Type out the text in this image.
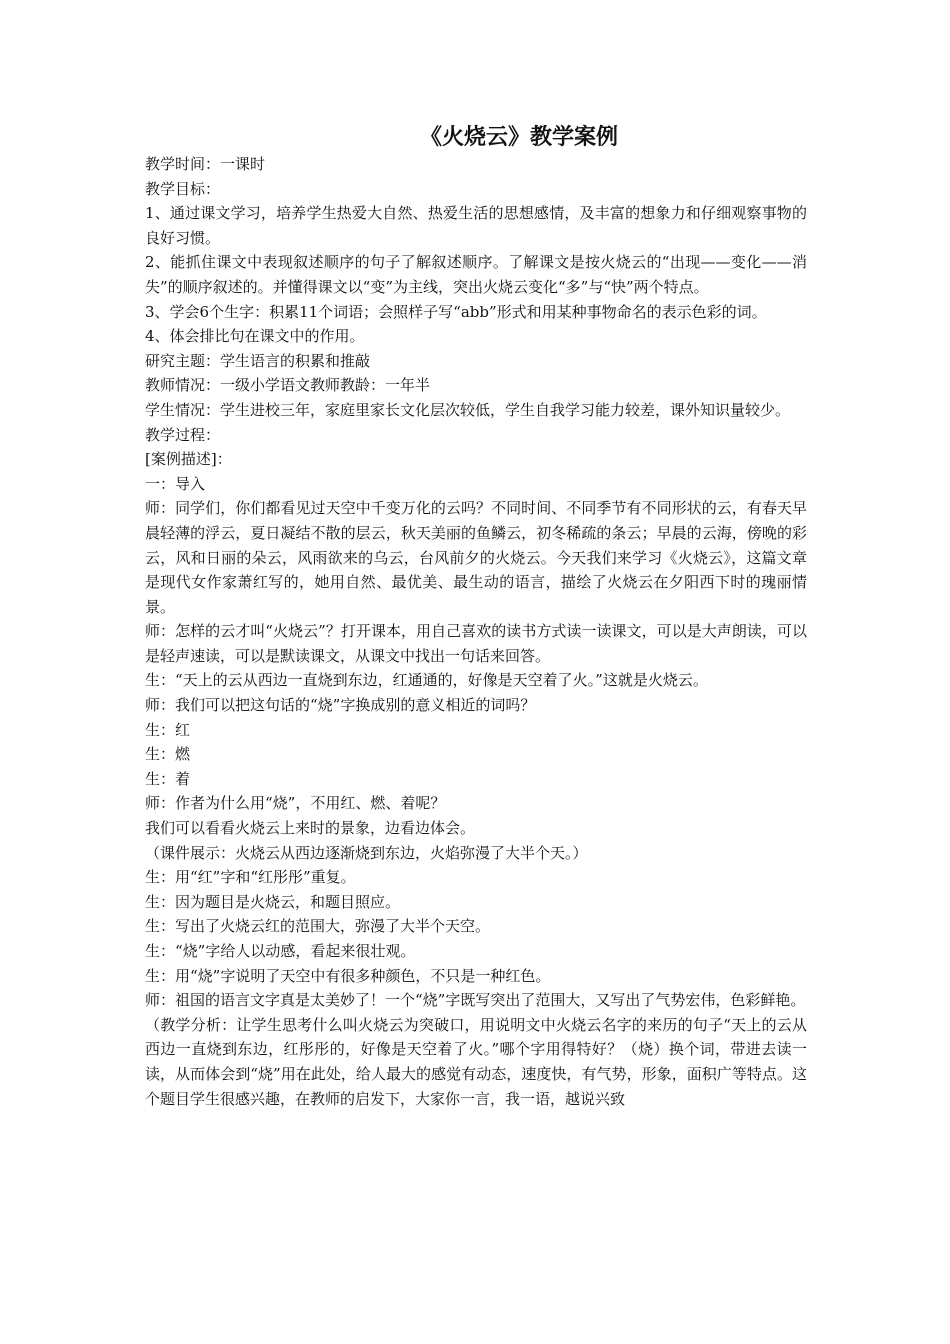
《火烧云》教学案例

教学时间：一课时

教学目标：

1、通过课文学习，培养学生热爱大自然、热爱生活的思想感情，及丰富的想象力和仔细观察事物的良好习惯。

2、能抓住课文中表现叙述顺序的句子了解叙述顺序。了解课文是按火烧云的“出现——变化——消失”的顺序叙述的。并懂得课文以“变”为主线，突出火烧云变化“多”与“快”两个特点。

3、学会6个生字：积累11个词语；会照样子写“abb”形式和用某种事物命名的表示色彩的词。

4、体会排比句在课文中的作用。

研究主题：学生语言的积累和推敲

教师情况：一级小学语文教师教龄：一年半

学生情况：学生进校三年，家庭里家长文化层次较低，学生自我学习能力较差，课外知识量较少。

教学过程：

[案例描述]：

一：导入

师：同学们，你们都看见过天空中千变万化的云吗？不同时间、不同季节有不同形状的云，有春天早晨轻薄的浮云，夏日凝结不散的层云，秋天美丽的鱼鳞云，初冬稀疏的条云；早晨的云海，傍晚的彩云，风和日丽的朵云，风雨欲来的乌云，台风前夕的火烧云。今天我们来学习《火烧云》，这篇文章是现代女作家萧红写的，她用自然、最优美、最生动的语言，描绘了火烧云在夕阳西下时的瑰丽情景。

师：怎样的云才叫“火烧云”？打开课本，用自己喜欢的读书方式读一读课文，可以是大声朗读，可以是轻声速读，可以是默读课文，从课文中找出一句话来回答。

生：“天上的云从西边一直烧到东边，红通通的，好像是天空着了火。”这就是火烧云。

师：我们可以把这句话的“烧”字换成别的意义相近的词吗？

生：红

生：燃

生：着

师：作者为什么用“烧”，不用红、燃、着呢？

我们可以看看火烧云上来时的景象，边看边体会。

（课件展示：火烧云从西边逐渐烧到东边，火焰弥漫了大半个天。）

生：用“红”字和“红彤彤”重复。

生：因为题目是火烧云，和题目照应。

生：写出了火烧云红的范围大，弥漫了大半个天空。

生：“烧”字给人以动感，看起来很壮观。

生：用“烧”字说明了天空中有很多种颜色，不只是一种红色。

师：祖国的语言文字真是太美妙了！一个“烧”字既写突出了范围大，又写出了气势宏伟，色彩鲜艳。

（教学分析：让学生思考什么叫火烧云为突破口，用说明文中火烧云名字的来历的句子“天上的云从西边一直烧到东边，红彤彤的，好像是天空着了火。”哪个字用得特好？（烧）换个词，带进去读一读，从而体会到“烧”用在此处，给人最大的感觉有动态，速度快，有气势，形象，面积广等特点。这个题目学生很感兴趣，在教师的启发下，大家你一言，我一语，越说兴致
